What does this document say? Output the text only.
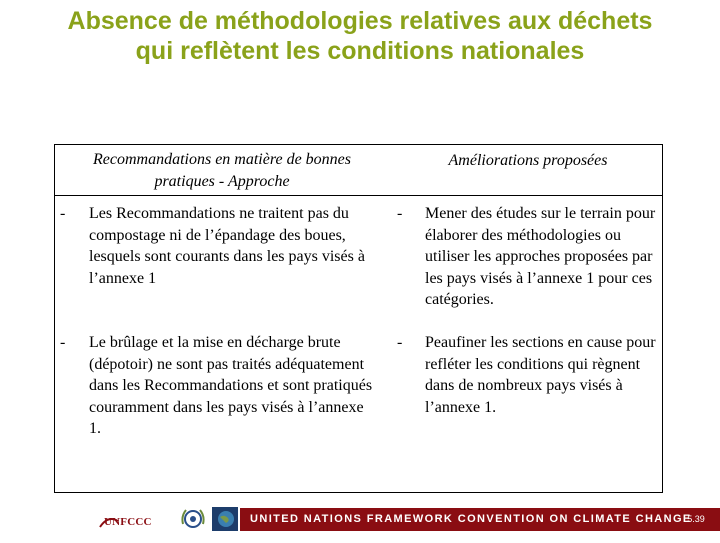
Absence de méthodologies relatives aux déchets qui reflètent les conditions nationales
Recommandations en matière de bonnes pratiques - Approche
Améliorations proposées
- Les Recommandations ne traitent pas du compostage ni de l’épandage des boues, lesquels sont courants dans les pays visés à l’annexe 1
- Le brûlage et la mise en décharge brute (dépotoir) ne sont pas traités adéquatement dans les Recommandations et sont pratiqués couramment dans les pays visés à l’annexe 1.
- Mener des études sur le terrain pour élaborer des méthodologies ou utiliser les approches proposées par les pays visés à l’annexe 1 pour ces catégories.
- Peaufiner les sections en cause pour refléter les conditions qui règnent dans de nombreux pays visés à l’annexe 1.
UNFCCC	UNITED NATIONS FRAMEWORK CONVENTION ON CLIMATE CHANGE
5.39
